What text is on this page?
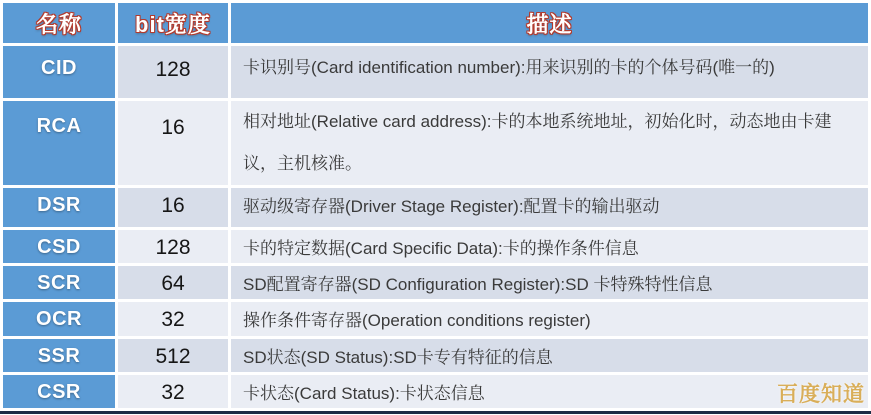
名称	bit宽度	描述
CID	128	卡识别号(Card identification number):用来识别的卡的个体号码(唯一的)
RCA	16	相对地址(Relative card address):卡的本地系统地址，初始化时，动态地由卡建议，主机核准。
DSR	16	驱动级寄存器(Driver Stage Register):配置卡的输出驱动
CSD	128	卡的特定数据(Card Specific Data):卡的操作条件信息
SCR	64	SD配置寄存器(SD Configuration Register):SD 卡特殊特性信息
OCR	32	操作条件寄存器(Operation conditions register)
SSR	512	SD状态(SD Status):SD卡专有特征的信息
CSR	32	卡状态(Card Status):卡状态信息	百度知道
